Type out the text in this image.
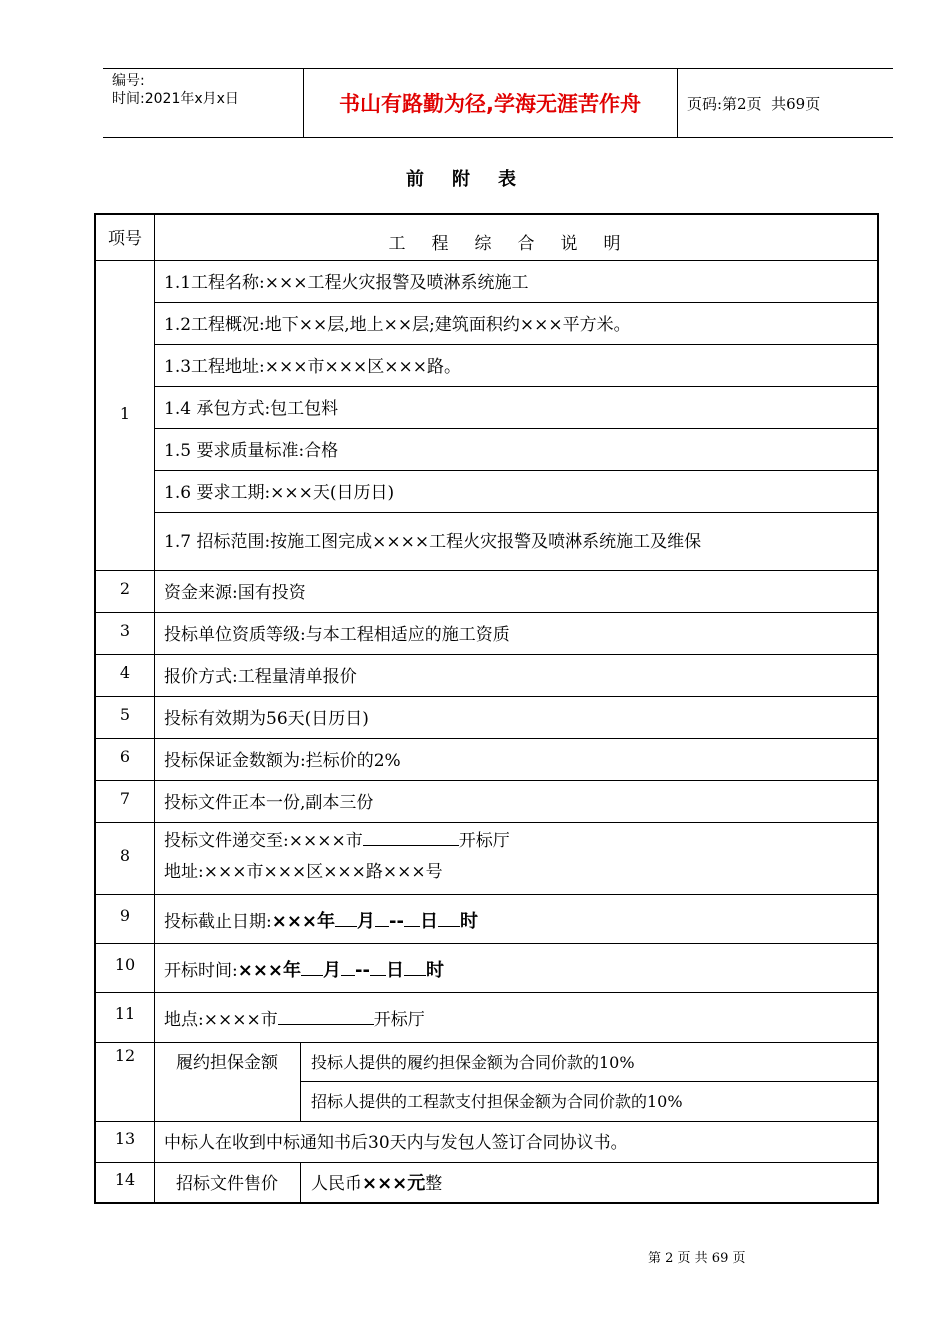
编号:
时间:2021年x月x日	书山有路勤为径,学海无涯苦作舟	页码:第2页  共69页
前附表
项号	工程综合说明
1
1.1工程名称:×××工程火灾报警及喷淋系统施工
1.2工程概况:地下××层,地上××层;建筑面积约×××平方米。
1.3工程地址:×××市×××区×××路。
1.4 承包方式:包工包料
1.5 要求质量标准:合格
1.6 要求工期:×××天(日历日)
1.7 招标范围:按施工图完成××××工程火灾报警及喷淋系统施工及维保
2	资金来源:国有投资
3	投标单位资质等级:与本工程相适应的施工资质
4	报价方式:工程量清单报价
5	投标有效期为56天(日历日)
6	投标保证金数额为:拦标价的2%
7	投标文件正本一份,副本三份
8
投标文件递交至:××××市	开标厅
地址:×××市×××区×××路×××号
9	投标截止日期:×××年 月 -- 日 时
10	开标时间:×××年 月 -- 日 时
11	地点:××××市	开标厅
12	履约担保金额	投标人提供的履约担保金额为合同价款的10%
招标人提供的工程款支付担保金额为合同价款的10%
13	中标人在收到中标通知书后30天内与发包人签订合同协议书。
14	招标文件售价	人民币×××元整
第 2 页 共 69 页
